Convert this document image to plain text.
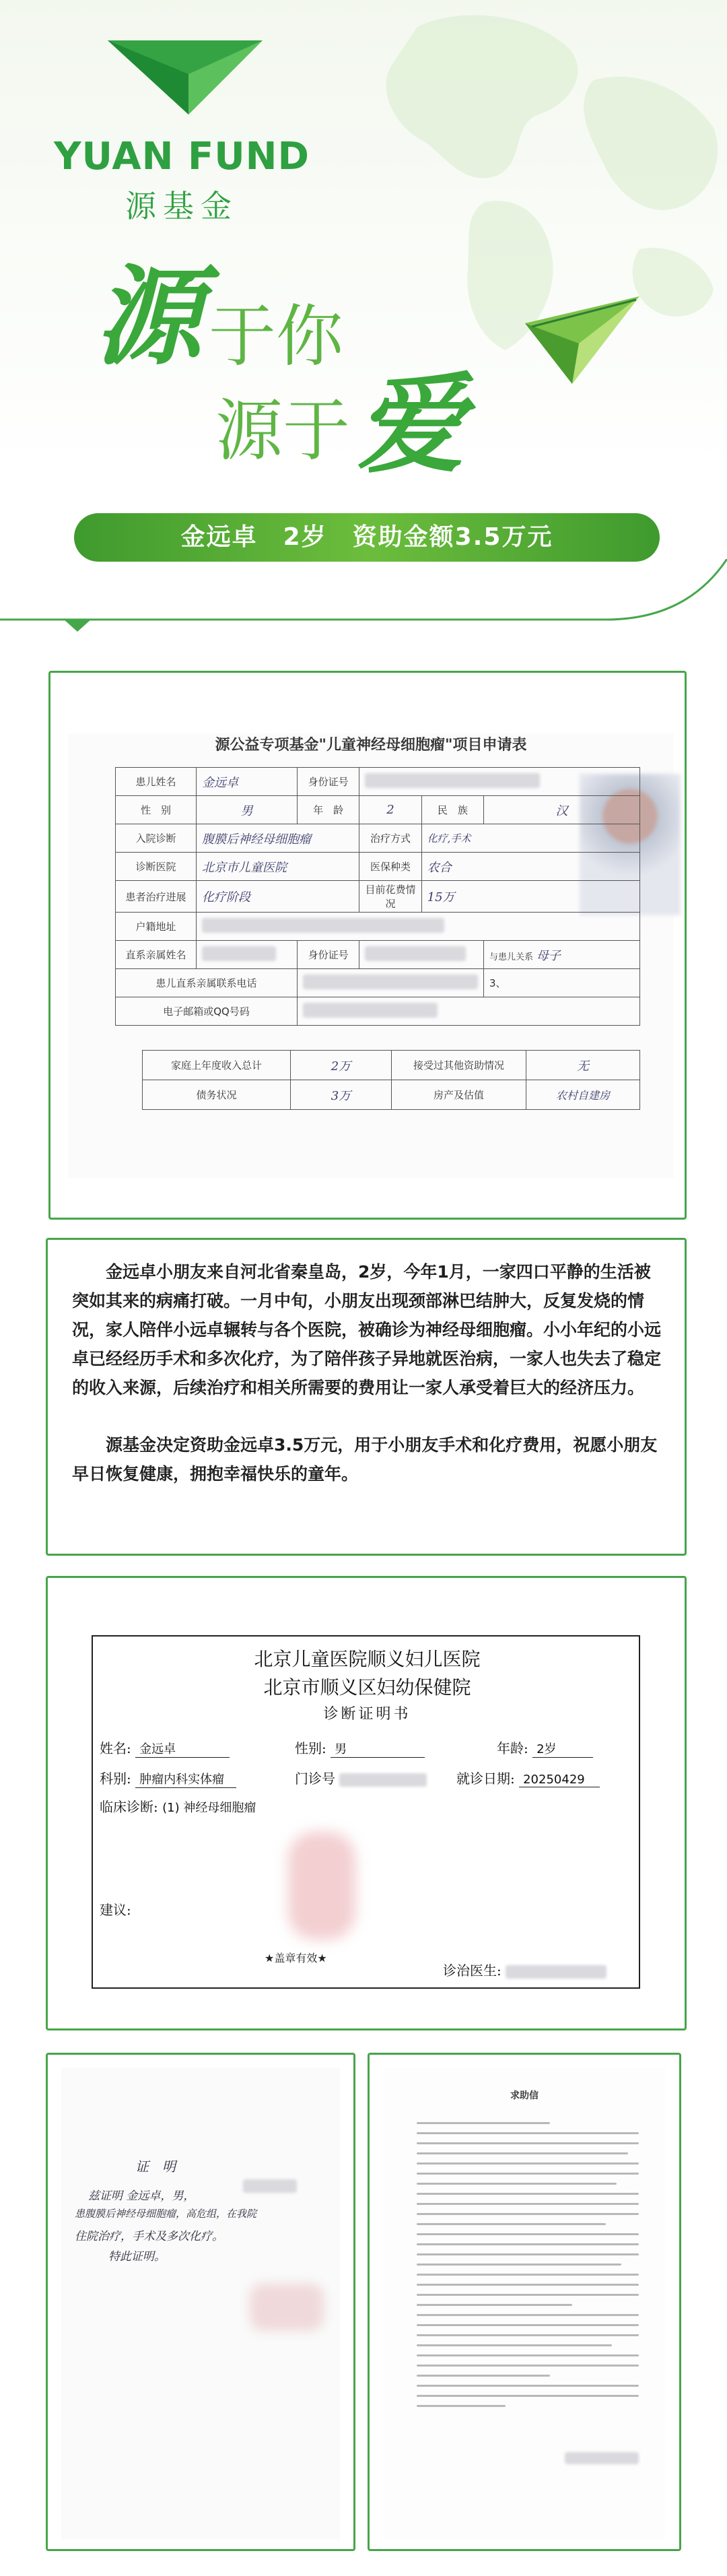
YUAN FUND
源基金
源 于你
源于 爱
金远卓　2岁　资助金额3.5万元
源公益专项基金"儿童神经母细胞瘤"项目申请表
患儿姓名	金远卓	身份证号			
性　别	男	年　龄	2	民　族	汉
入院诊断	腹膜后神经母细胞瘤		治疗方式	化疗,手术	
诊断医院	北京市儿童医院		医保种类	农合	
患者治疗进展	化疗阶段		目前花费情况	15万	
户籍地址					
直系亲属姓名		身份证号			与患儿关系 母子
患儿直系亲属联系电话					3、
电子邮箱或QQ号码					
家庭上年度收入总计	2万	接受过其他资助情况	无
债务状况	3万	房产及估值	农村自建房

金远卓小朋友来自河北省秦皇岛，2岁，今年1月，一家四口平静的生活被突如其来的病痛打破。一月中旬，小朋友出现颈部淋巴结肿大，反复发烧的情况，家人陪伴小远卓辗转与各个医院，被确诊为神经母细胞瘤。小小年纪的小远卓已经经历手术和多次化疗，为了陪伴孩子异地就医治病，一家人也失去了稳定的收入来源，后续治疗和相关所需要的费用让一家人承受着巨大的经济压力。

源基金决定资助金远卓3.5万元，用于小朋友手术和化疗费用，祝愿小朋友早日恢复健康，拥抱幸福快乐的童年。

北京儿童医院顺义妇儿医院
北京市顺义区妇幼保健院
诊断证明书
姓名: 金远卓	性别: 男	年龄: 2岁
科别: 肿瘤内科实体瘤	门诊号	就诊日期: 20250429
临床诊断: (1) 神经母细胞瘤
建议:
★盖章有效★
诊治医生:
证　明
兹证明 金远卓，男，
患腹膜后神经母细胞瘤，高危组，在我院
住院治疗，手术及多次化疗。
特此证明。
求助信
